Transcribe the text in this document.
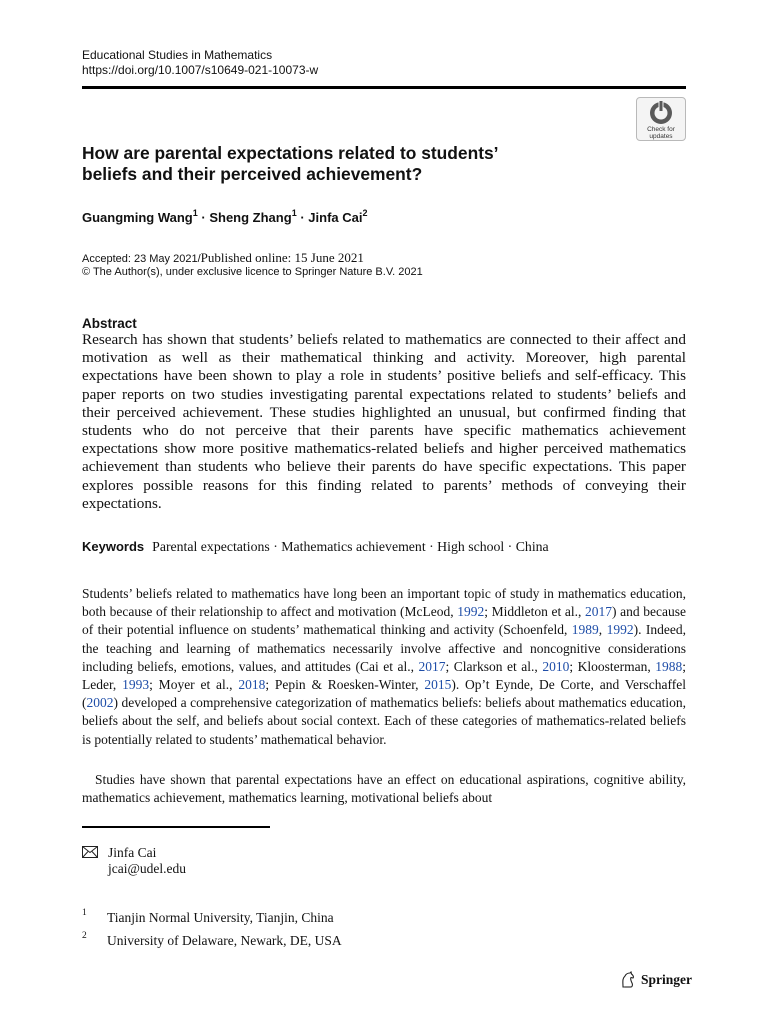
Educational Studies in Mathematics
https://doi.org/10.1007/s10649-021-10073-w
Check for
updates
How are parental expectations related to students’
beliefs and their perceived achievement?
Guangming Wang$^1$ · Sheng Zhang$^1$ · Jinfa Cai$^2$
Accepted: 23 May 2021/Published online: 15 June 2021
© The Author(s), under exclusive licence to Springer Nature B.V. 2021
Abstract
Research has shown that students’ beliefs related to mathematics are connected to their affect and motivation as well as their mathematical thinking and activity. Moreover, high parental expectations have been shown to play a role in students’ positive beliefs and self-efficacy. This paper reports on two studies investigating parental expectations related to students’ beliefs and their perceived achievement. These studies highlighted an unusual, but confirmed finding that students who do not perceive that their parents have specific mathematics achievement expectations show more positive mathematics-related beliefs and higher perceived mathematics achievement than students who believe their parents do have specific expectations. This paper explores possible reasons for this finding related to parents’ methods of conveying their expectations.
Keywords Parental expectations · Mathematics achievement · High school · China
Students’ beliefs related to mathematics have long been an important topic of study in mathematics education, both because of their relationship to affect and motivation (McLeod, 1992; Middleton et al., 2017) and because of their potential influence on students’ mathematical thinking and activity (Schoenfeld, 1989, 1992). Indeed, the teaching and learning of mathematics necessarily involve affective and noncognitive considerations including beliefs, emotions, values, and attitudes (Cai et al., 2017; Clarkson et al., 2010; Kloosterman, 1988; Leder, 1993; Moyer et al., 2018; Pepin & Roesken-Winter, 2015). Op’t Eynde, De Corte, and Verschaffel (2002) developed a comprehensive categorization of mathematics beliefs: beliefs about mathematics education, beliefs about the self, and beliefs about social context. Each of these categories of mathematics-related beliefs is potentially related to students’ mathematical behavior.
Studies have shown that parental expectations have an effect on educational aspirations, cognitive ability, mathematics achievement, mathematics learning, motivational beliefs about
Jinfa Cai
jcai@udel.edu
1 Tianjin Normal University, Tianjin, China
2 University of Delaware, Newark, DE, USA
Springer
